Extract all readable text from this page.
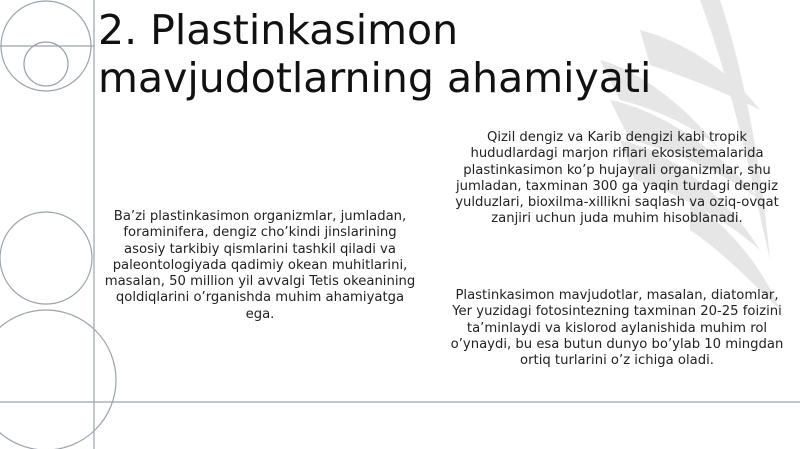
2. Plastinkasimon mavjudotlarning ahamiyati

Ba’zi plastinkasimon organizmlar, jumladan, foraminifera, dengiz cho’kindi jinslarining asosiy tarkibiy qismlarini tashkil qiladi va paleontologiyada qadimiy okean muhitlarini, masalan, 50 million yil avvalgi Tetis okeanining qoldiqlarini o’rganishda muhim ahamiyatga ega.

Qizil dengiz va Karib dengizi kabi tropik hududlardagi marjon riflari ekosistemalarida plastinkasimon ko’p hujayrali organizmlar, shu jumladan, taxminan 300 ga yaqin turdagi dengiz yulduzlari, bioxilma-xillikni saqlash va oziq-ovqat zanjiri uchun juda muhim hisoblanadi.

Plastinkasimon mavjudotlar, masalan, diatomlar, Yer yuzidagi fotosintezning taxminan 20-25 foizini ta’minlaydi va kislorod aylanishida muhim rol o’ynaydi, bu esa butun dunyo bo’ylab 10 mingdan ortiq turlarini o’z ichiga oladi.
